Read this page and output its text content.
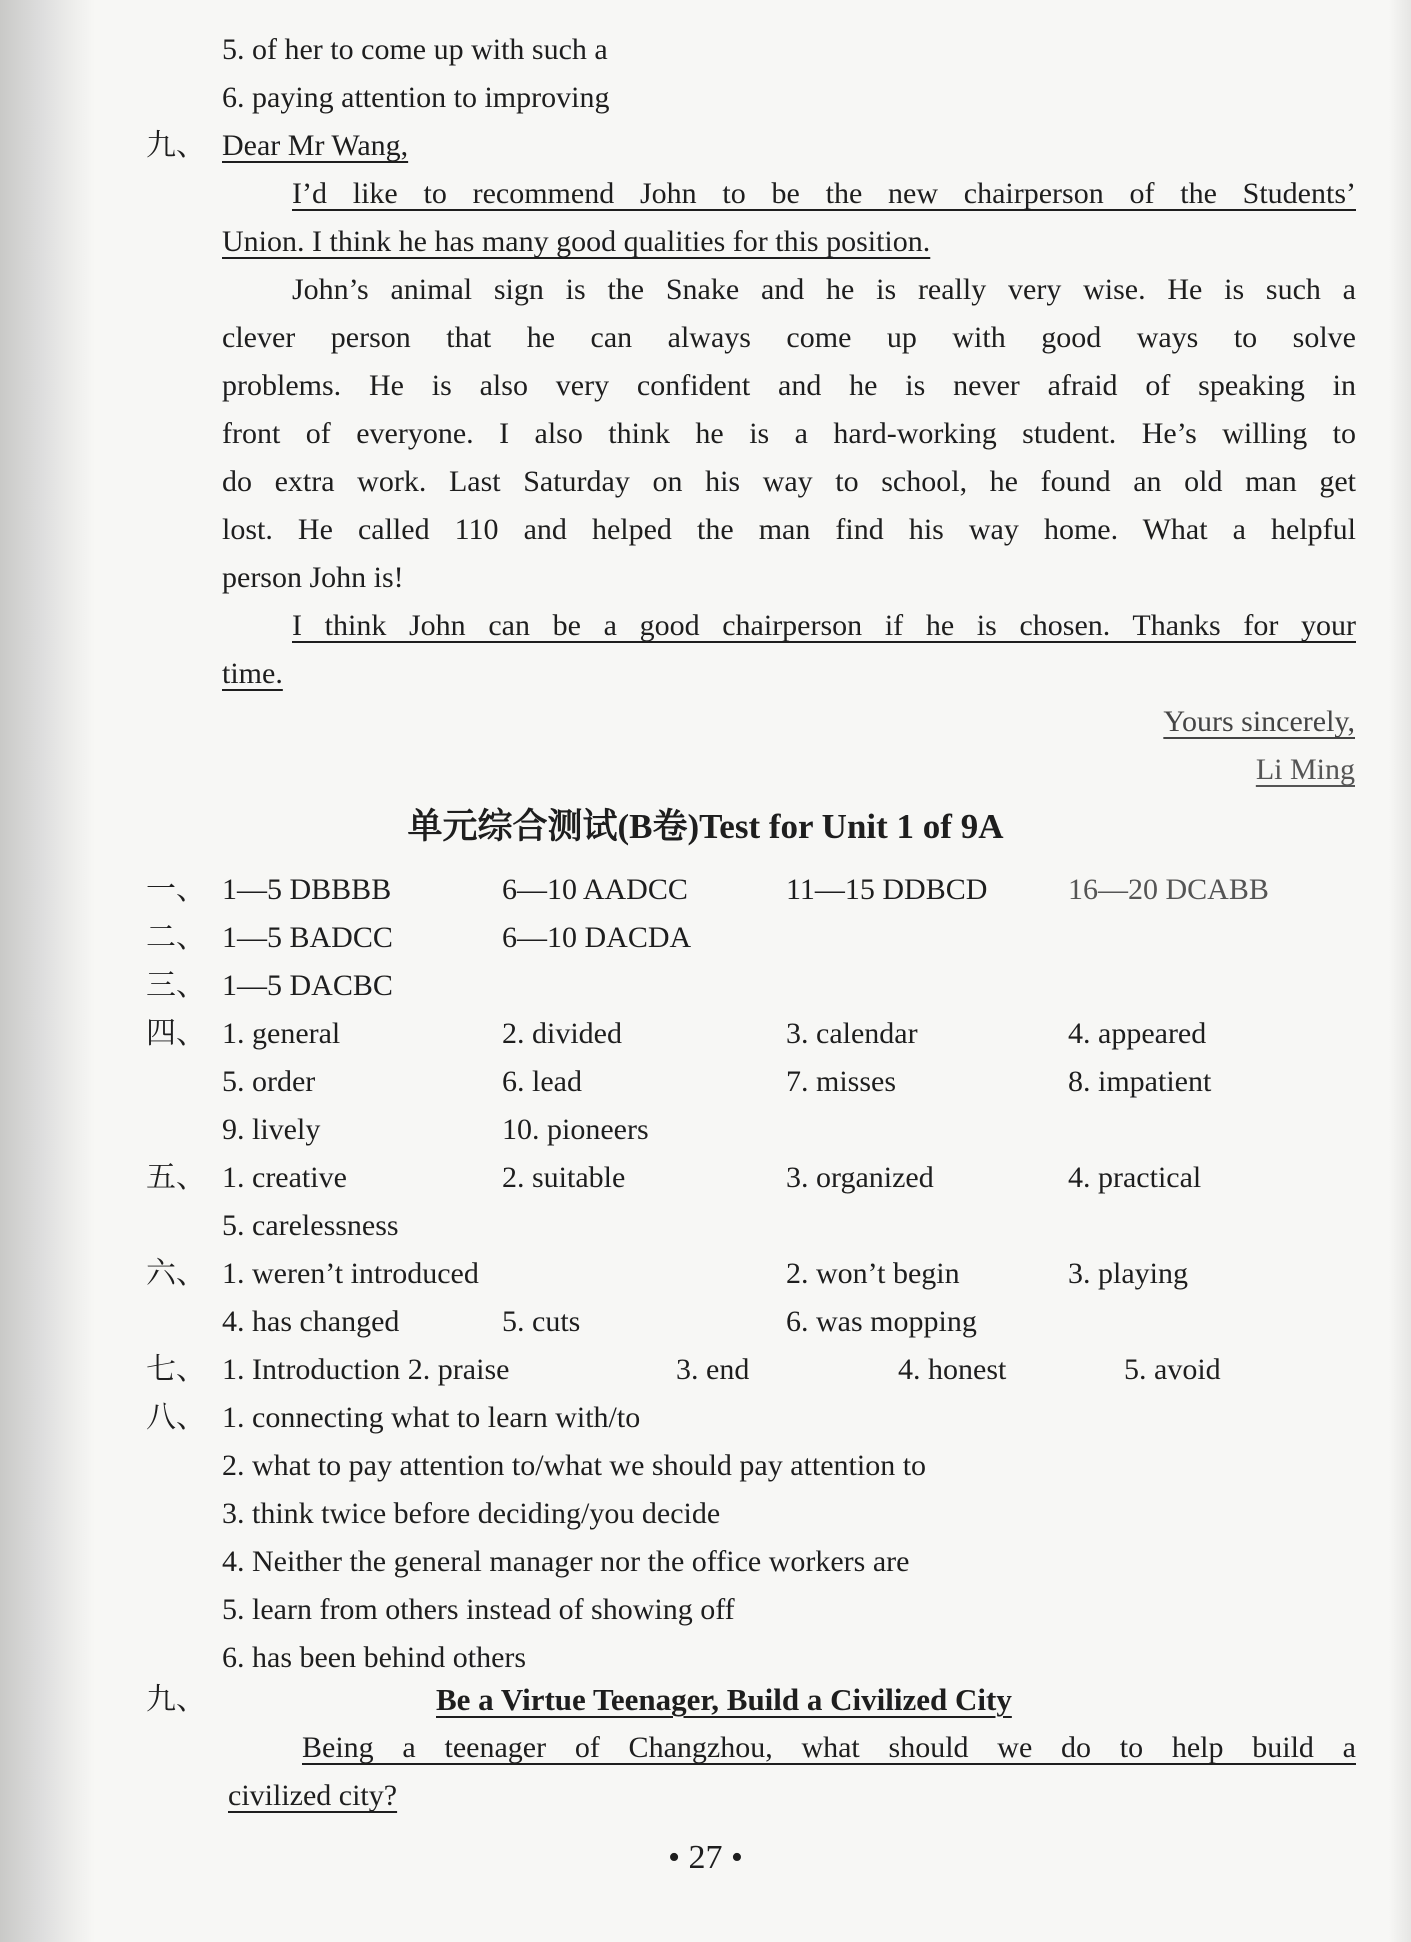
5. of her to come up with such a
6. paying attention to improving
九、 Dear Mr Wang,
I’d like to recommend John to be the new chairperson of the Students’
Union. I think he has many good qualities for this position.
John’s animal sign is the Snake and he is really very wise. He is such a
clever person that he can always come up with good ways to solve
problems. He is also very confident and he is never afraid of speaking in
front of everyone. I also think he is a hard-working student. He’s willing to
do extra work. Last Saturday on his way to school, he found an old man get
lost. He called 110 and helped the man find his way home. What a helpful
person John is!
I think John can be a good chairperson if he is chosen. Thanks for your
time.
Yours sincerely,
Li Ming
单元综合测试(B卷)Test for Unit 1 of 9A
一、 1—5 DBBBB	6—10 AADCC	11—15 DDBCD	16—20 DCABB
二、 1—5 BADCC	6—10 DACDA
三、 1—5 DACBC
四、 1. general	2. divided	3. calendar	4. appeared
5. order	6. lead	7. misses	8. impatient
9. lively	10. pioneers
五、 1. creative	2. suitable	3. organized	4. practical
5. carelessness
六、 1. weren’t introduced	2. won’t begin	3. playing
4. has changed	5. cuts	6. was mopping
七、 1. Introduction 2. praise	3. end	4. honest	5. avoid
八、 1. connecting what to learn with/to
2. what to pay attention to/what we should pay attention to
3. think twice before deciding/you decide
4. Neither the general manager nor the office workers are
5. learn from others instead of showing off
6. has been behind others
九、	Be a Virtue Teenager, Build a Civilized City
Being a teenager of Changzhou, what should we do to help build a
civilized city?
• 27 •
